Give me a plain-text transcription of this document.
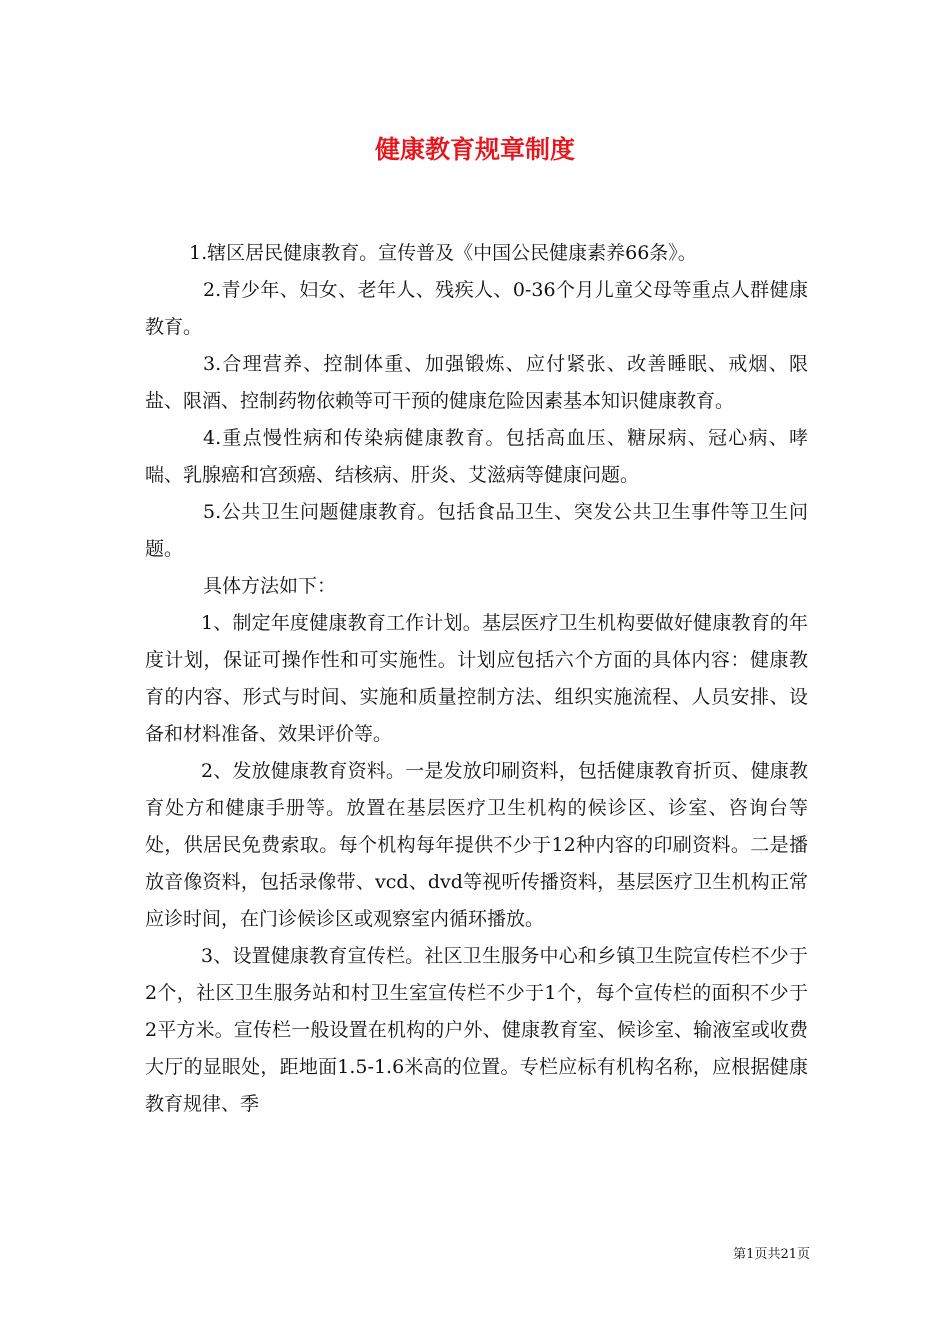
健康教育规章制度

1.辖区居民健康教育。宣传普及《中国公民健康素养66条》。

2.青少年、妇女、老年人、残疾人、0-36个月儿童父母等重点人群健康教育。

3.合理营养、控制体重、加强锻炼、应付紧张、改善睡眠、戒烟、限盐、限酒、控制药物依赖等可干预的健康危险因素基本知识健康教育。

4.重点慢性病和传染病健康教育。包括高血压、糖尿病、冠心病、哮喘、乳腺癌和宫颈癌、结核病、肝炎、艾滋病等健康问题。

5.公共卫生问题健康教育。包括食品卫生、突发公共卫生事件等卫生问题。

具体方法如下：

1、制定年度健康教育工作计划。基层医疗卫生机构要做好健康教育的年度计划，保证可操作性和可实施性。计划应包括六个方面的具体内容：健康教育的内容、形式与时间、实施和质量控制方法、组织实施流程、人员安排、设备和材料准备、效果评价等。

2、发放健康教育资料。一是发放印刷资料，包括健康教育折页、健康教育处方和健康手册等。放置在基层医疗卫生机构的候诊区、诊室、咨询台等处，供居民免费索取。每个机构每年提供不少于12种内容的印刷资料。二是播放音像资料，包括录像带、vcd、dvd等视听传播资料，基层医疗卫生机构正常应诊时间，在门诊候诊区或观察室内循环播放。

3、设置健康教育宣传栏。社区卫生服务中心和乡镇卫生院宣传栏不少于2个，社区卫生服务站和村卫生室宣传栏不少于1个，每个宣传栏的面积不少于2平方米。宣传栏一般设置在机构的户外、健康教育室、候诊室、输液室或收费大厅的显眼处，距地面1.5-1.6米高的位置。专栏应标有机构名称，应根据健康教育规律、季

第1页共21页
